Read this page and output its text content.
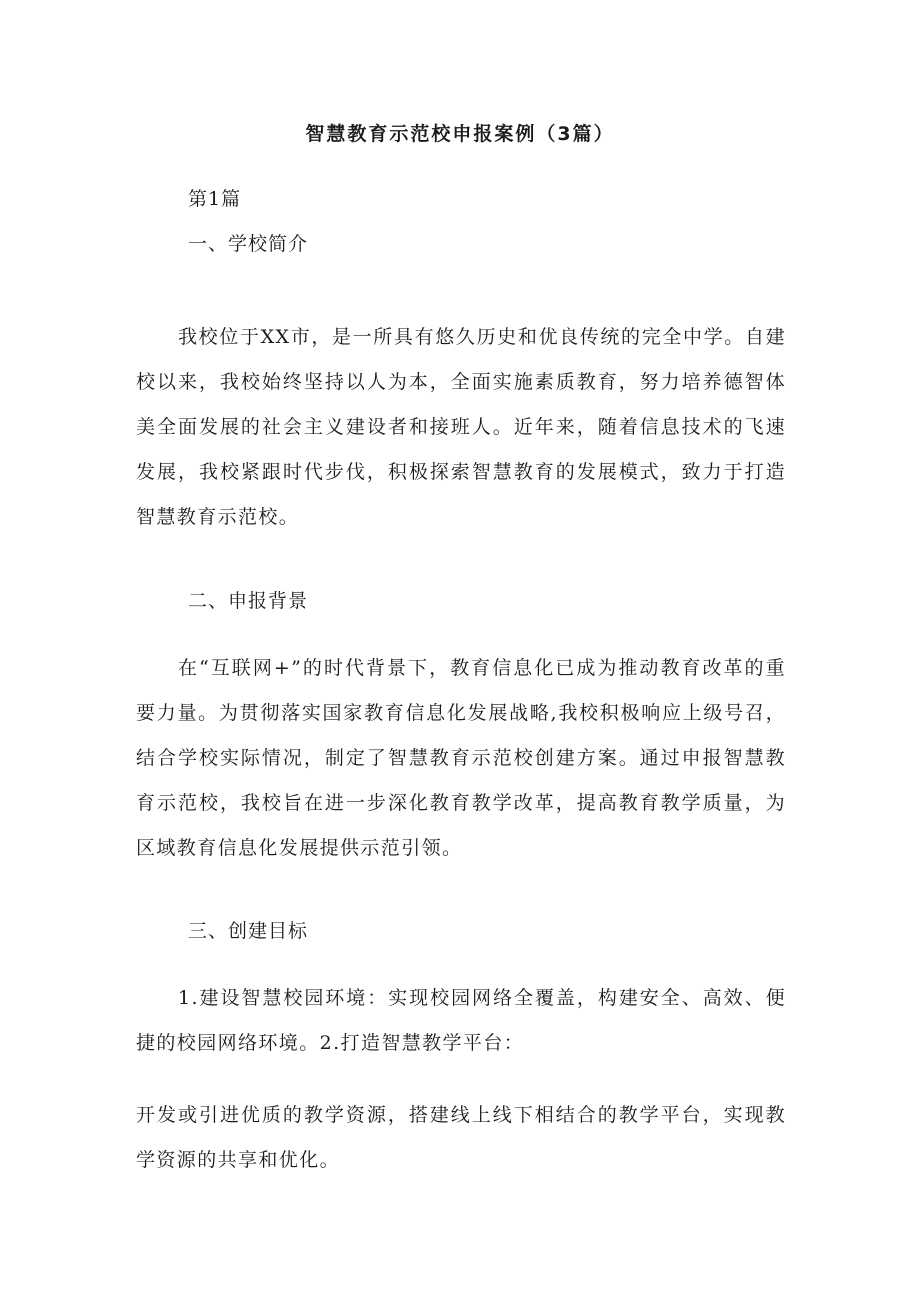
智慧教育示范校申报案例（3篇）
第1篇
一、学校简介
我校位于XX市，是一所具有悠久历史和优良传统的完全中学。自建校以来，我校始终坚持以人为本，全面实施素质教育，努力培养德智体美全面发展的社会主义建设者和接班人。近年来，随着信息技术的飞速发展，我校紧跟时代步伐，积极探索智慧教育的发展模式，致力于打造智慧教育示范校。
二、申报背景
在“互联网+”的时代背景下，教育信息化已成为推动教育改革的重要力量。为贯彻落实国家教育信息化发展战略,我校积极响应上级号召，结合学校实际情况，制定了智慧教育示范校创建方案。通过申报智慧教育示范校，我校旨在进一步深化教育教学改革，提高教育教学质量，为区域教育信息化发展提供示范引领。
三、创建目标
1.建设智慧校园环境：实现校园网络全覆盖，构建安全、高效、便捷的校园网络环境。2.打造智慧教学平台：
开发或引进优质的教学资源，搭建线上线下相结合的教学平台，实现教学资源的共享和优化。
